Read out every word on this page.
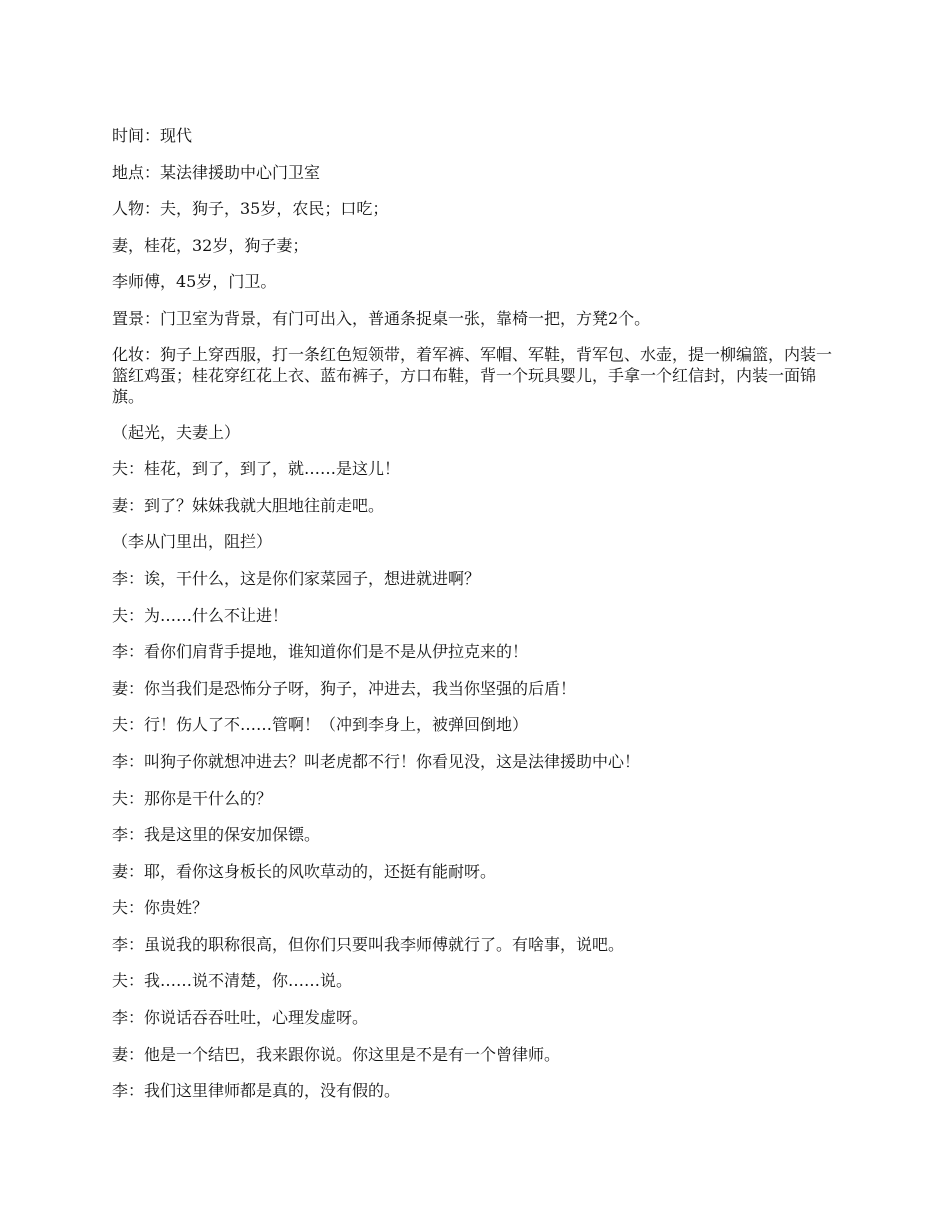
时间：现代

地点：某法律援助中心门卫室

人物：夫，狗子，35岁，农民；口吃；

妻，桂花，32岁，狗子妻；

李师傅，45岁，门卫。

置景：门卫室为背景，有门可出入，普通条捉桌一张，靠椅一把，方凳2个。

化妆：狗子上穿西服，打一条红色短领带，着军裤、军帽、军鞋，背军包、水壶，提一柳编篮，内装一篮红鸡蛋；桂花穿红花上衣、蓝布裤子，方口布鞋，背一个玩具婴儿，手拿一个红信封，内装一面锦旗。

（起光，夫妻上）

夫：桂花，到了，到了，就……是这儿！

妻：到了？妹妹我就大胆地往前走吧。

（李从门里出，阻拦）

李：诶，干什么，这是你们家菜园子，想进就进啊？

夫：为……什么不让进！

李：看你们肩背手提地，谁知道你们是不是从伊拉克来的！

妻：你当我们是恐怖分子呀，狗子，冲进去，我当你坚强的后盾！

夫：行！伤人了不……管啊！（冲到李身上，被弹回倒地）

李：叫狗子你就想冲进去？叫老虎都不行！你看见没，这是法律援助中心！

夫：那你是干什么的？

李：我是这里的保安加保镖。

妻：耶，看你这身板长的风吹草动的，还挺有能耐呀。

夫：你贵姓？

李：虽说我的职称很高，但你们只要叫我李师傅就行了。有啥事，说吧。

夫：我……说不清楚，你……说。

李：你说话吞吞吐吐，心理发虚呀。

妻：他是一个结巴，我来跟你说。你这里是不是有一个曾律师。

李：我们这里律师都是真的，没有假的。
